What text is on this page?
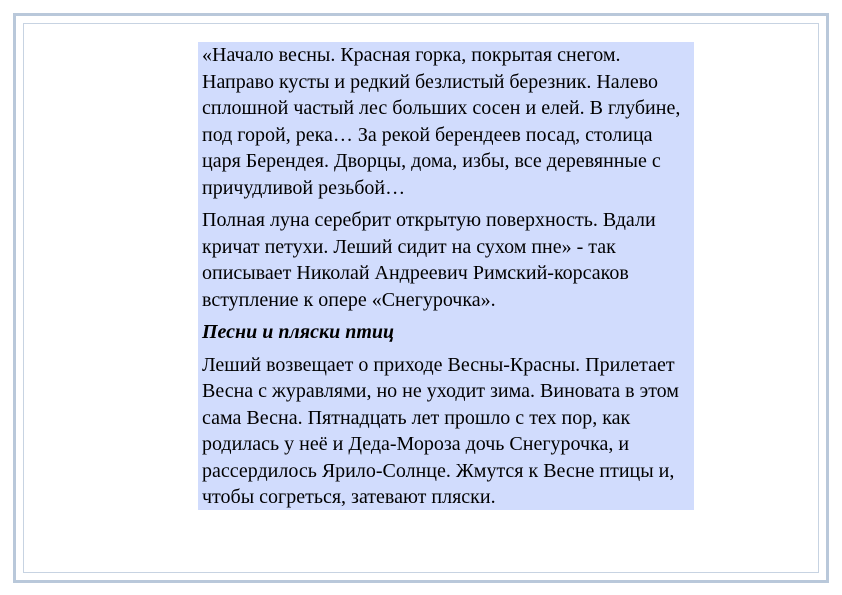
«Начало весны. Красная горка, покрытая снегом. Направо кусты и редкий безлистый березник. Налево сплошной частый лес больших сосен и елей. В глубине, под горой, река… За рекой берендеев посад, столица царя Берендея. Дворцы, дома, избы, все деревянные с причудливой резьбой…

Полная луна серебрит открытую поверхность. Вдали кричат петухи. Леший сидит на сухом пне» - так описывает Николай Андреевич Римский-корсаков вступление к опере «Снегурочка».

Песни и пляски птиц

Леший возвещает о приходе Весны-Красны. Прилетает Весна с журавлями, но не уходит зима. Виновата в этом сама Весна. Пятнадцать лет прошло с тех пор, как родилась у неё и Деда-Мороза дочь Снегурочка, и рассердилось Ярило-Солнце. Жмутся к Весне птицы и, чтобы согреться, затевают пляски.
